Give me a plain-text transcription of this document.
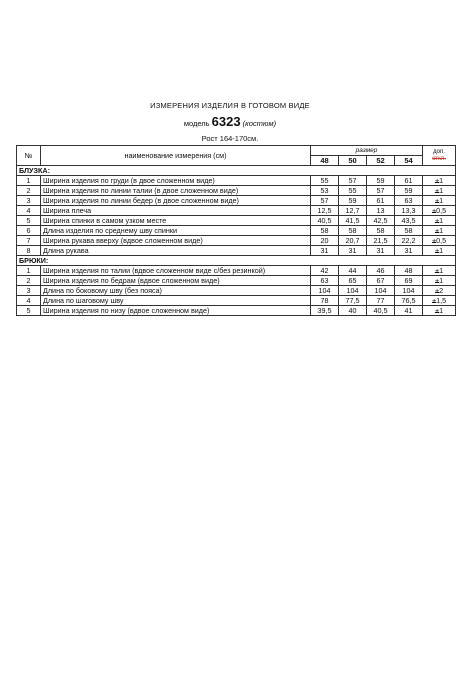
ИЗМЕРЕНИЯ ИЗДЕЛИЯ В ГОТОВОМ ВИДЕ
модель 6323 (костюм)
Рост 164-170см.
№	наименование измерения (см)	размер				доп.
откл.
		48	50	52	54	
БЛУЗКА:						
1	Ширина изделия по груди (в двое сложенном виде)	55	57	59	61	+1
2	Ширина изделия по линии талии (в двое сложенном виде)	53	55	57	59	+1
3	Ширина изделия по линии бедер (в двое сложенном виде)	57	59	61	63	+1
4	Ширина плеча	12,5	12,7	13	13,3	+0,5
5	Ширина спинки в самом узком месте	40,5	41,5	42,5	43,5	+1
6	Длина изделия по среднему шву спинки	58	58	58	58	+1
7	Ширина рукава вверху (вдвое сложенном виде)	20	20,7	21,5	22,2	+0,5
8	Длина рукава	31	31	31	31	+1
БРЮКИ:						
1	Ширина изделия по талии (вдвое сложенном виде с/без резинкой)	42	44	46	48	+1
2	Ширина изделия по бедрам (вдвое сложенном виде)	63	65	67	69	+1
3	Длина по боковому шву (без пояса)	104	104	104	104	+2
4	Длина по шаговому шву	78	77,5	77	76,5	+1,5
5	Ширина изделия по низу (вдвое сложенном виде)	39,5	40	40,5	41	+1
